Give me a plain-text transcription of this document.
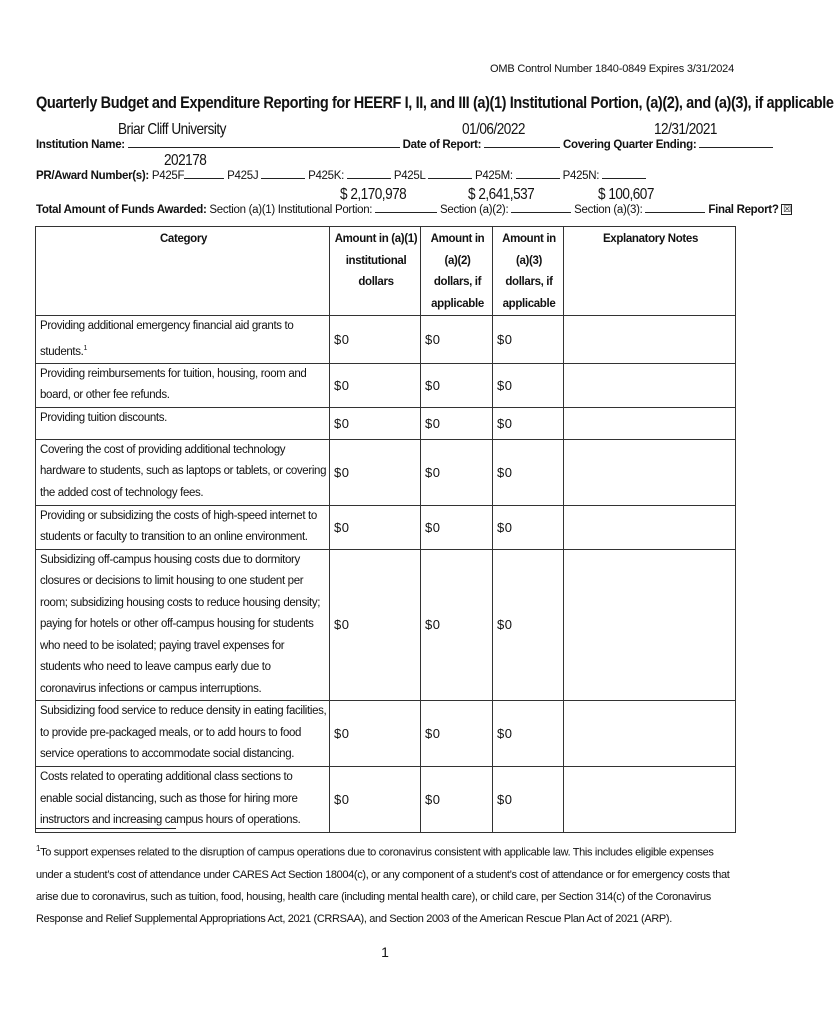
OMB Control Number 1840-0849 Expires 3/31/2024
Quarterly Budget and Expenditure Reporting for HEERF I, II, and III (a)(1) Institutional Portion, (a)(2), and (a)(3), if applicable
Institution Name:	Date of Report:	Covering Quarter Ending:
Briar Cliff University	01/06/2022	12/31/2021
PR/Award Number(s): P425F	P425J	P425K:	P425L	P425M:	P425N:
202178
Total Amount of Funds Awarded: Section (a)(1) Institutional Portion:	Section (a)(2):	Section (a)(3):	Final Report? ☒
$ 2,170,978	$ 2,641,537	$ 100,607
Category	Amount in (a)(1) institutional dollars	Amount in (a)(2) dollars, if applicable	Amount in (a)(3) dollars, if applicable	Explanatory Notes
Providing additional emergency financial aid grants to students.$^1$	$0	$0	$0	
Providing reimbursements for tuition, housing, room and board, or other fee refunds.	$0	$0	$0	
Providing tuition discounts.	$0	$0	$0	
Covering the cost of providing additional technology hardware to students, such as laptops or tablets, or covering the added cost of technology fees.	$0	$0	$0	
Providing or subsidizing the costs of high-speed internet to students or faculty to transition to an online environment.	$0	$0	$0	
Subsidizing off-campus housing costs due to dormitory closures or decisions to limit housing to one student per room; subsidizing housing costs to reduce housing density; paying for hotels or other off-campus housing for students who need to be isolated; paying travel expenses for students who need to leave campus early due to coronavirus infections or campus interruptions.	$0	$0	$0	
Subsidizing food service to reduce density in eating facilities, to provide pre-packaged meals, or to add hours to food service operations to accommodate social distancing.	$0	$0	$0	
Costs related to operating additional class sections to enable social distancing, such as those for hiring more instructors and increasing campus hours of operations.	$0	$0	$0	
$^1$To support expenses related to the disruption of campus operations due to coronavirus consistent with applicable law. This includes eligible expenses under a student’s cost of attendance under CARES Act Section 18004(c), or any component of a student’s cost of attendance or for emergency costs that arise due to coronavirus, such as tuition, food, housing, health care (including mental health care), or child care, per Section 314(c) of the Coronavirus Response and Relief Supplemental Appropriations Act, 2021 (CRRSAA), and Section 2003 of the American Rescue Plan Act of 2021 (ARP).
1
